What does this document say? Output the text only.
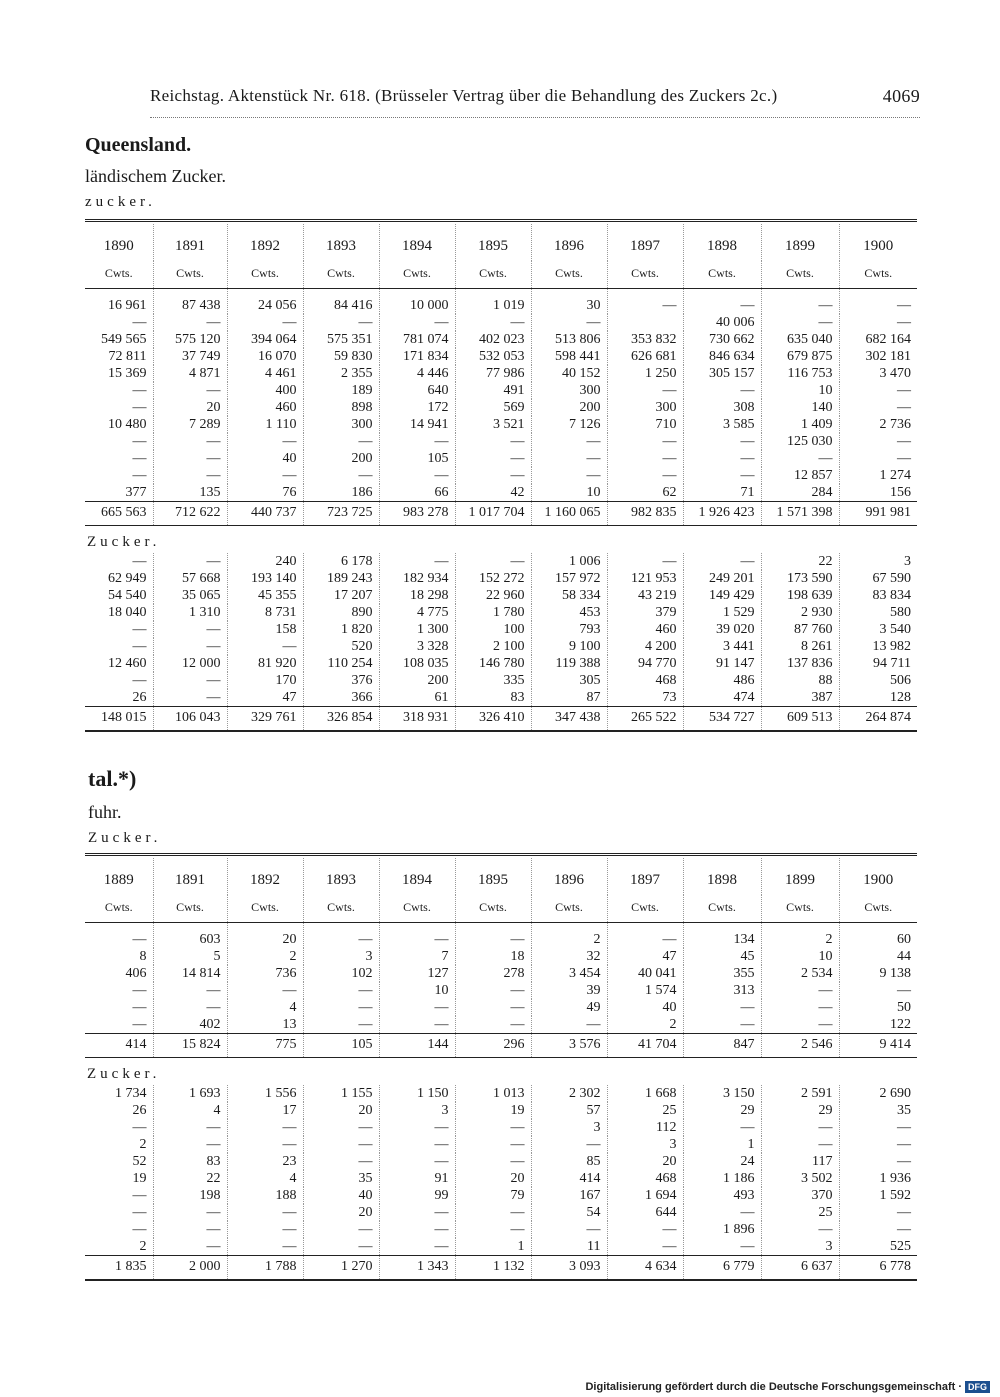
Reichstag. Aktenstück Nr. 618. (Brüsseler Vertrag über die Behandlung des Zuckers 2c.)	4069
Queensland.
ländischem Zucker.
zucker.
1890	1891	1892	1893	1894	1895	1896	1897	1898	1899	1900
Cwts.	Cwts.	Cwts.	Cwts.	Cwts.	Cwts.	Cwts.	Cwts.	Cwts.	Cwts.	Cwts.
16 961	87 438	24 056	84 416	10 000	1 019	30	—	—	—	—
—	—	—	—	—	—	—		40 006	—	—
549 565	575 120	394 064	575 351	781 074	402 023	513 806	353 832	730 662	635 040	682 164
72 811	37 749	16 070	59 830	171 834	532 053	598 441	626 681	846 634	679 875	302 181
15 369	4 871	4 461	2 355	4 446	77 986	40 152	1 250	305 157	116 753	3 470
—	—	400	189	640	491	300	—	—	10	—
—	20	460	898	172	569	200	300	308	140	—
10 480	7 289	1 110	300	14 941	3 521	7 126	710	3 585	1 409	2 736
—	—	—	—	—	—	—	—	—	125 030	—
—	—	40	200	105	—	—	—	—	—	—
—	—	—	—	—	—	—	—	—	12 857	1 274
377	135	76	186	66	42	10	62	71	284	156
665 563	712 622	440 737	723 725	983 278	1 017 704	1 160 065	982 835	1 926 423	1 571 398	991 981
Zucker.										
—	—	240	6 178	—	—	1 006	—	—	22	3
62 949	57 668	193 140	189 243	182 934	152 272	157 972	121 953	249 201	173 590	67 590
54 540	35 065	45 355	17 207	18 298	22 960	58 334	43 219	149 429	198 639	83 834
18 040	1 310	8 731	890	4 775	1 780	453	379	1 529	2 930	580
—	—	158	1 820	1 300	100	793	460	39 020	87 760	3 540
—	—	—	520	3 328	2 100	9 100	4 200	3 441	8 261	13 982
12 460	12 000	81 920	110 254	108 035	146 780	119 388	94 770	91 147	137 836	94 711
—	—	170	376	200	335	305	468	486	88	506
26	—	47	366	61	83	87	73	474	387	128
148 015	106 043	329 761	326 854	318 931	326 410	347 438	265 522	534 727	609 513	264 874
tal.*)
fuhr.
Zucker.
1889	1891	1892	1893	1894	1895	1896	1897	1898	1899	1900
Cwts.	Cwts.	Cwts.	Cwts.	Cwts.	Cwts.	Cwts.	Cwts.	Cwts.	Cwts.	Cwts.
—	603	20	—	—	—	2	—	134	2	60
8	5	2	3	7	18	32	47	45	10	44
406	14 814	736	102	127	278	3 454	40 041	355	2 534	9 138
—	—	—	—	10	—	39	1 574	313	—	—
—	—	4	—	—	—	49	40	—	—	50
—	402	13	—	—	—	—	2	—	—	122
414	15 824	775	105	144	296	3 576	41 704	847	2 546	9 414
Zucker.										
1 734	1 693	1 556	1 155	1 150	1 013	2 302	1 668	3 150	2 591	2 690
26	4	17	20	3	19	57	25	29	29	35
—	—	—	—	—	—	3	112	—	—	—
2	—	—	—	—	—	—	3	1	—	—
52	83	23	—	—	—	85	20	24	117	—
19	22	4	35	91	20	414	468	1 186	3 502	1 936
—	198	188	40	99	79	167	1 694	493	370	1 592
—	—	—	20	—	—	54	644	—	25	—
—	—	—	—	—	—	—	—	1 896	—	—
2	—	—	—	—	1	11	—	—	3	525
1 835	2 000	1 788	1 270	1 343	1 132	3 093	4 634	6 779	6 637	6 778
Digitalisierung gefördert durch die Deutsche Forschungsgemeinschaft · DFG
